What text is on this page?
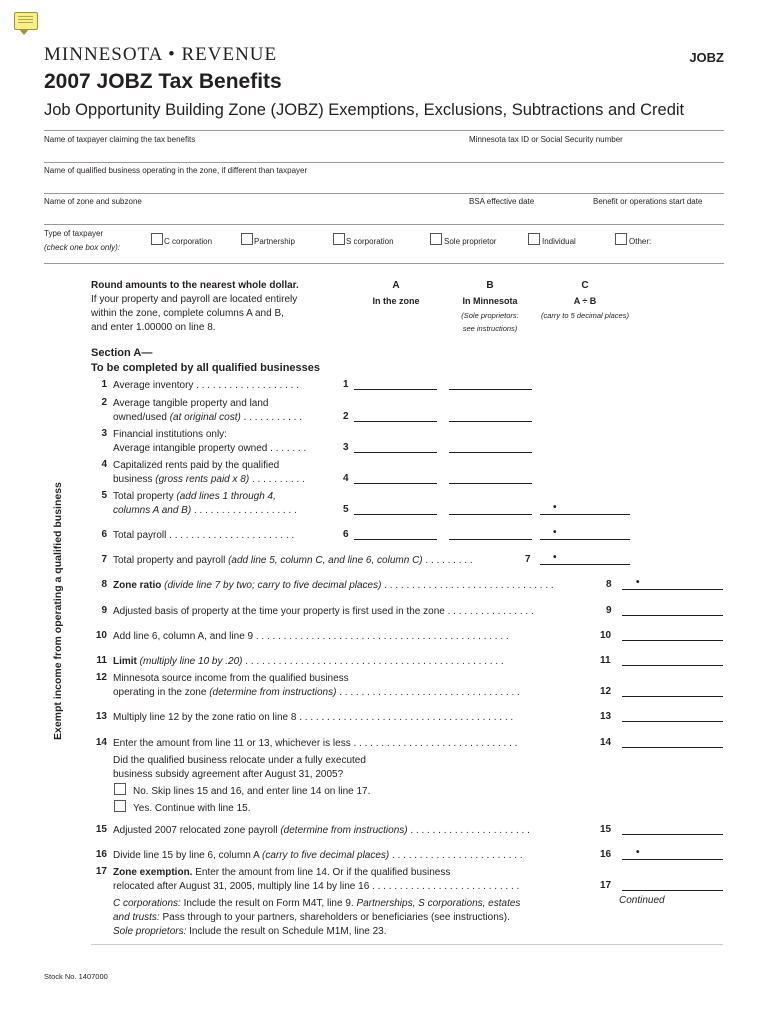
MINNESOTA • REVENUE	JOBZ
2007 JOBZ Tax Benefits
Job Opportunity Building Zone (JOBZ) Exemptions, Exclusions, Subtractions and Credit
Name of taxpayer claiming the tax benefits	Minnesota tax ID or Social Security number
Name of qualified business operating in the zone, if different than taxpayer
Name of zone and subzone	BSA effective date	Benefit or operations start date
Type of taxpayer
(check one box only):
C corporation	Partnership	S corporation	Sole proprietor	Individual	Other:
Round amounts to the nearest whole dollar.
If your property and payroll are located entirely
within the zone, complete columns A and B,
and enter 1.00000 on line 8.
A
In the zone
B
In Minnesota
(Sole proprietors:
see instructions)
C
A ÷ B
(carry to 5 decimal places)
Exempt income from operating a qualified business
Section A—
To be completed by all qualified businesses
1 Average inventory . . . . . . . . . . . . . . . . . . .	1
2 Average tangible property and land
owned/used (at original cost) . . . . . . . . . . .	2
3 Financial institutions only:
Average intangible property owned . . . . . . .	3
4 Capitalized rents paid by the qualified
business (gross rents paid x 8) . . . . . . . . . .	4
5 Total property (add lines 1 through 4,
columns A and B) . . . . . . . . . . . . . . . . . . .	5	•
6 Total payroll . . . . . . . . . . . . . . . . . . . . . . .	6	•
7 Total property and payroll (add line 5, column C, and line 6, column C) . . . . . . . . .	7 •
8 Zone ratio (divide line 7 by two; carry to five decimal places) . . . . . . . . . . . . . . . . . . . . . . . . . . . . . . .	8 •
9 Adjusted basis of property at the time your property is first used in the zone . . . . . . . . . . . . . . . .	9
10 Add line 6, column A, and line 9 . . . . . . . . . . . . . . . . . . . . . . . . . . . . . . . . . . . . . . . . . . . . . .	10
11 Limit (multiply line 10 by .20) . . . . . . . . . . . . . . . . . . . . . . . . . . . . . . . . . . . . . . . . . . . . . . .	11
12 Minnesota source income from the qualified business
operating in the zone (determine from instructions) . . . . . . . . . . . . . . . . . . . . . . . . . . . . . . . . .	12
13 Multiply line 12 by the zone ratio on line 8 . . . . . . . . . . . . . . . . . . . . . . . . . . . . . . . . . . . . . . .	13
14 Enter the amount from line 11 or 13, whichever is less . . . . . . . . . . . . . . . . . . . . . . . . . . . . . .	14
Did the qualified business relocate under a fully executed
business subsidy agreement after August 31, 2005?
No. Skip lines 15 and 16, and enter line 14 on line 17.
Yes. Continue with line 15.
15 Adjusted 2007 relocated zone payroll (determine from instructions) . . . . . . . . . . . . . . . . . . . . . .	15
16 Divide line 15 by line 6, column A (carry to five decimal places) . . . . . . . . . . . . . . . . . . . . . . . .	16 •
17 Zone exemption. Enter the amount from line 14. Or if the qualified business
relocated after August 31, 2005, multiply line 14 by line 16 . . . . . . . . . . . . . . . . . . . . . . . . . . .	17
C corporations: Include the result on Form M4T, line 9. Partnerships, S corporations, estates
and trusts: Pass through to your partners, shareholders or beneficiaries (see instructions).
Sole proprietors: Include the result on Schedule M1M, line 23.
Continued
Stock No. 1407000
